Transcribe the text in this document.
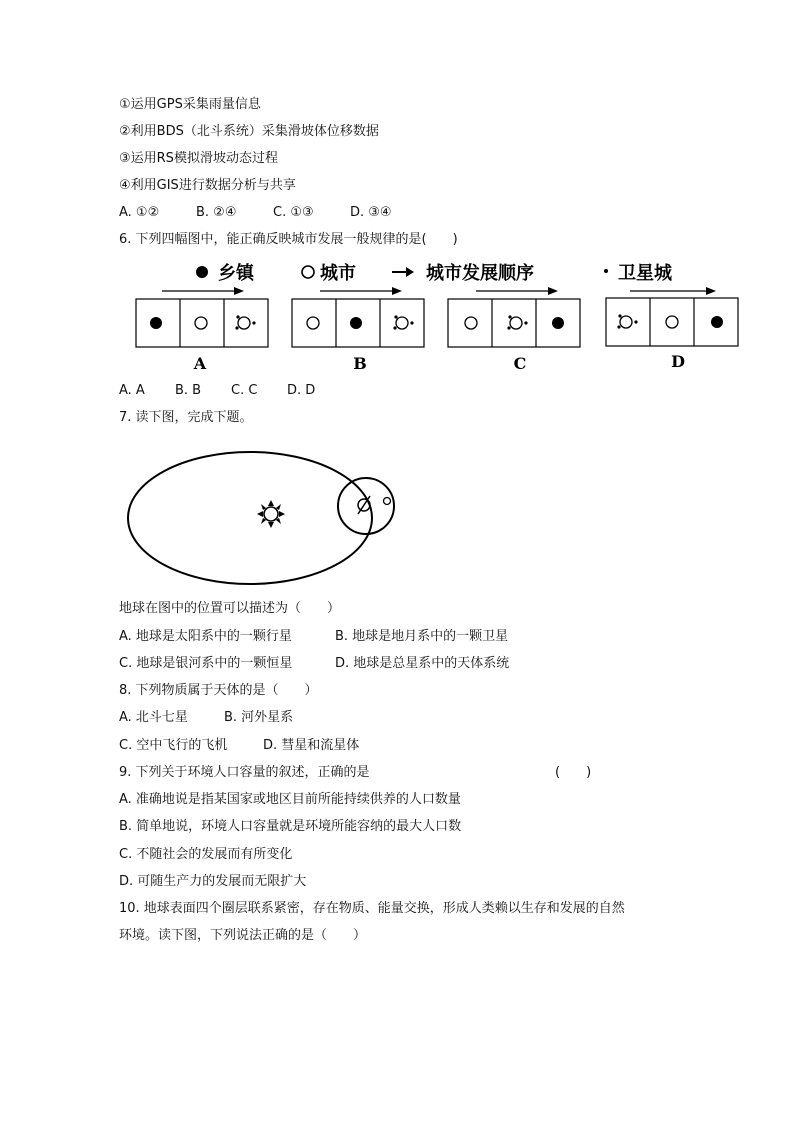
①运用GPS采集雨量信息
②利用BDS（北斗系统）采集滑坡体位移数据
③运用RS模拟滑坡动态过程
④利用GIS进行数据分析与共享
A. ①②	B. ②④	C. ①③	D. ③④
6. 下列四幅图中，能正确反映城市发展一般规律的是(　　)
乡镇	城市	城市发展顺序	卫星城
A	B	C	D
A. A B. B C. C D. D
7. 读下图，完成下题。
地球在图中的位置可以描述为（　　）
A. 地球是太阳系中的一颗行星	B. 地球是地月系中的一颗卫星
C. 地球是银河系中的一颗恒星	D. 地球是总星系中的天体系统
8. 下列物质属于天体的是（　　）
A. 北斗七星	B. 河外星系
C. 空中飞行的飞机	D. 彗星和流星体
9. 下列关于环境人口容量的叙述，正确的是	(　　)
A. 准确地说是指某国家或地区目前所能持续供养的人口数量
B. 简单地说，环境人口容量就是环境所能容纳的最大人口数
C. 不随社会的发展而有所变化
D. 可随生产力的发展而无限扩大
10. 地球表面四个圈层联系紧密，存在物质、能量交换，形成人类赖以生存和发展的自然
环境。读下图，下列说法正确的是（　　）
